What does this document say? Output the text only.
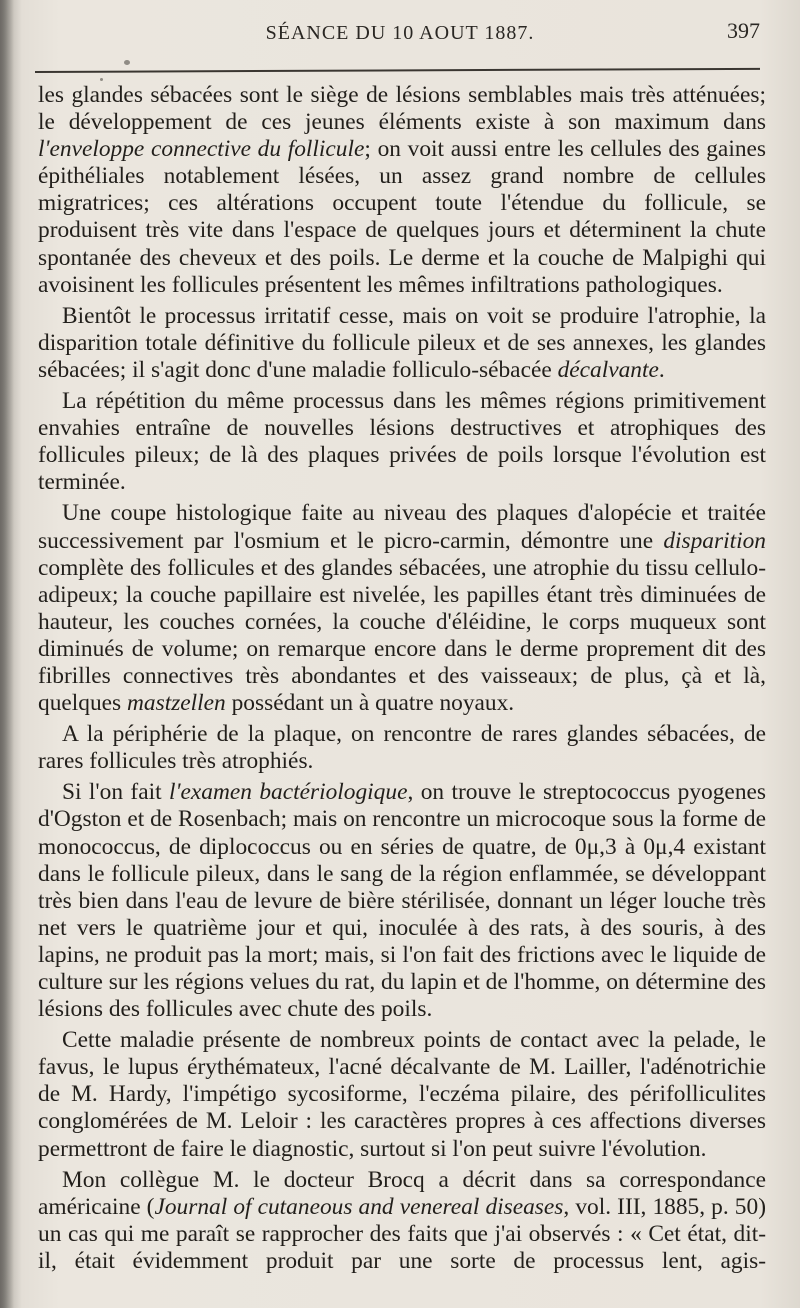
SÉANCE DU 10 AOUT 1887.	397

les glandes sébacées sont le siège de lésions semblables mais très atténuées; le développement de ces jeunes éléments existe à son maximum dans l'enveloppe connective du follicule; on voit aussi entre les cellules des gaines épithéliales notablement lésées, un assez grand nombre de cellules migratrices; ces altérations occupent toute l'étendue du follicule, se produisent très vite dans l'espace de quelques jours et déterminent la chute spontanée des cheveux et des poils. Le derme et la couche de Malpighi qui avoisinent les follicules présentent les mêmes infiltrations pathologiques.

Bientôt le processus irritatif cesse, mais on voit se produire l'atrophie, la disparition totale définitive du follicule pileux et de ses annexes, les glandes sébacées; il s'agit donc d'une maladie folliculo-sébacée décalvante.

La répétition du même processus dans les mêmes régions primitivement envahies entraîne de nouvelles lésions destructives et atrophiques des follicules pileux; de là des plaques privées de poils lorsque l'évolution est terminée.

Une coupe histologique faite au niveau des plaques d'alopécie et traitée successivement par l'osmium et le picro-carmin, démontre une disparition complète des follicules et des glandes sébacées, une atrophie du tissu cellulo-adipeux; la couche papillaire est nivelée, les papilles étant très diminuées de hauteur, les couches cornées, la couche d'éléidine, le corps muqueux sont diminués de volume; on remarque encore dans le derme proprement dit des fibrilles connectives très abondantes et des vaisseaux; de plus, çà et là, quelques mastzellen possédant un à quatre noyaux.

A la périphérie de la plaque, on rencontre de rares glandes sébacées, de rares follicules très atrophiés.

Si l'on fait l'examen bactériologique, on trouve le streptococcus pyogenes d'Ogston et de Rosenbach; mais on rencontre un microcoque sous la forme de monococcus, de diplococcus ou en séries de quatre, de 0μ,3 à 0μ,4 existant dans le follicule pileux, dans le sang de la région enflammée, se développant très bien dans l'eau de levure de bière stérilisée, donnant un léger louche très net vers le quatrième jour et qui, inoculée à des rats, à des souris, à des lapins, ne produit pas la mort; mais, si l'on fait des frictions avec le liquide de culture sur les régions velues du rat, du lapin et de l'homme, on détermine des lésions des follicules avec chute des poils.

Cette maladie présente de nombreux points de contact avec la pelade, le favus, le lupus érythémateux, l'acné décalvante de M. Lailler, l'adénotrichie de M. Hardy, l'impétigo sycosiforme, l'eczéma pilaire, des périfolliculites conglomérées de M. Leloir : les caractères propres à ces affections diverses permettront de faire le diagnostic, surtout si l'on peut suivre l'évolution.

Mon collègue M. le docteur Brocq a décrit dans sa correspondance américaine (Journal of cutaneous and venereal diseases, vol. III, 1885, p. 50) un cas qui me paraît se rapprocher des faits que j'ai observés : « Cet état, dit-il, était évidemment produit par une sorte de processus lent, agis-
